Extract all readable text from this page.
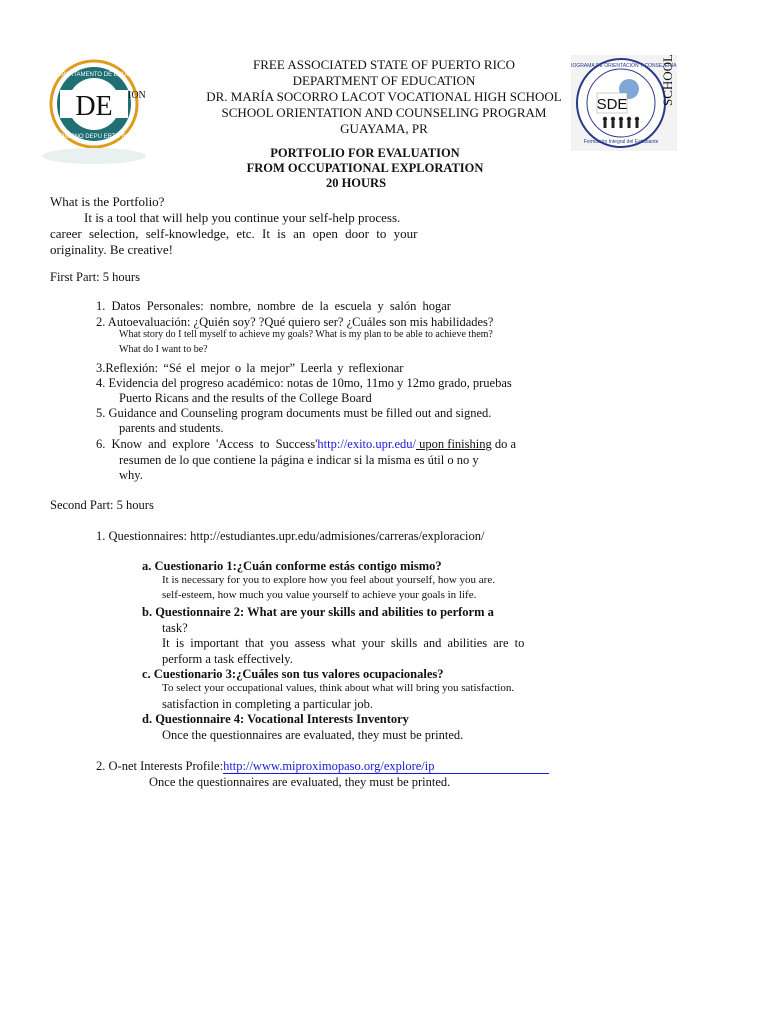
DE
DEPARTAMENTO DE EDUCA
GOBIERNO DEPU ERTO RICO
ION
SDE
PROGRAMA DE ORIENTACIÓN Y CONSEJERÍA
Formación Integral del Estudiante
SCHOOL
FREE ASSOCIATED STATE OF PUERTO RICO
DEPARTMENT OF EDUCATION
DR. MARÍA SOCORRO LACOT VOCATIONAL HIGH SCHOOL
SCHOOL ORIENTATION AND COUNSELING PROGRAM
GUAYAMA, PR
PORTFOLIO FOR EVALUATION
FROM OCCUPATIONAL EXPLORATION
20 HOURS
What is the Portfolio?
It is a tool that will help you continue your self-help process.
career selection, self-knowledge, etc. It is an open door to your
originality. Be creative!
First Part: 5 hours
1. Datos Personales: nombre, nombre de la escuela y salón hogar
2. Autoevaluación: ¿Quién soy? ?Qué quiero ser? ¿Cuáles son mis habilidades?
What story do I tell myself to achieve my goals? What is my plan to be able to achieve them?
What do I want to be?
3.Reflexión: “Sé el mejor o la mejor” Leerla y reflexionar
4. Evidencia del progreso académico: notas de 10mo, 11mo y 12mo grado, pruebas
Puerto Ricans and the results of the College Board
5. Guidance and Counseling program documents must be filled out and signed.
parents and students.
6. Know and explore 'Access to Success'http://exito.upr.edu/ upon finishing do a
resumen de lo que contiene la página e indicar si la misma es útil o no y
why.
Second Part: 5 hours
1. Questionnaires: http://estudiantes.upr.edu/admisiones/carreras/exploracion/
a. Cuestionario 1:¿Cuán conforme estás contigo mismo?
It is necessary for you to explore how you feel about yourself, how you are.
self-esteem, how much you value yourself to achieve your goals in life.
b. Questionnaire 2: What are your skills and abilities to perform a
task?
It is important that you assess what your skills and abilities are to
perform a task effectively.
c. Cuestionario 3:¿Cuáles son tus valores ocupacionales?
To select your occupational values, think about what will bring you satisfaction.
satisfaction in completing a particular job.
d. Questionnaire 4: Vocational Interests Inventory
Once the questionnaires are evaluated, they must be printed.
2. O-net Interests Profile:http://www.miproximopaso.org/explore/ip
Once the questionnaires are evaluated, they must be printed.
